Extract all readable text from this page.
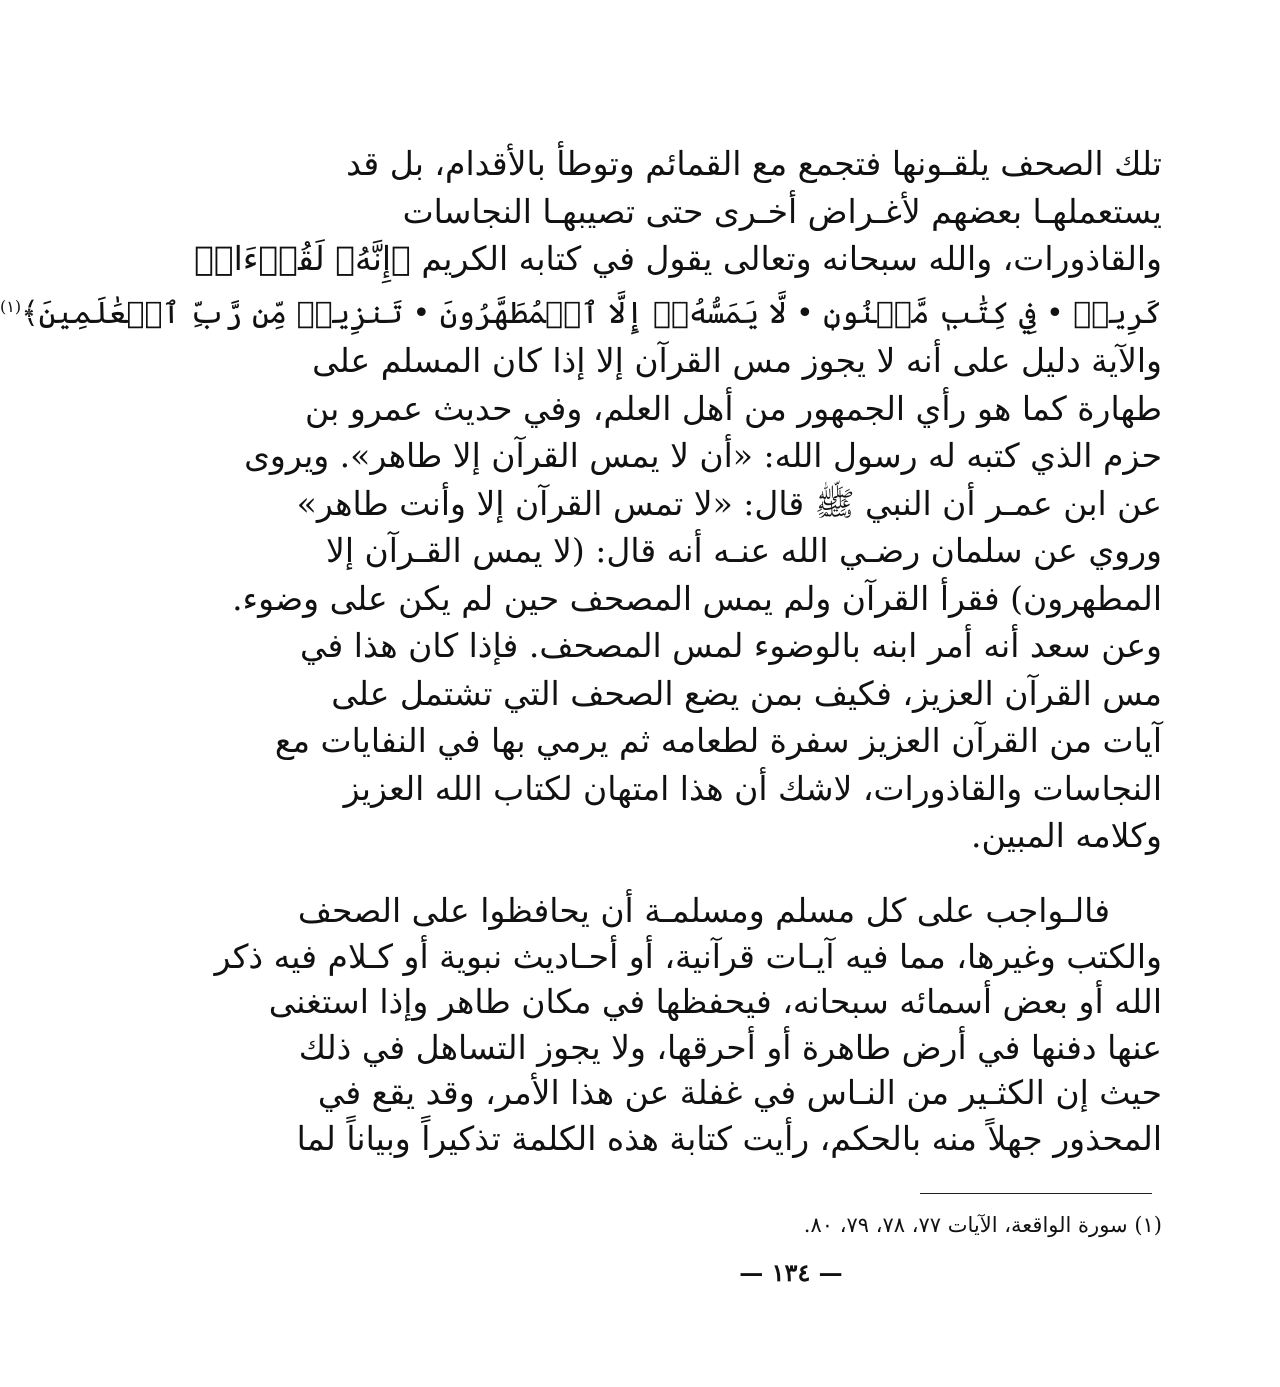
تلك الصحف يلقـونها فتجمع مع القمائم وتوطأ بالأقدام، بل قد
يستعملهـا بعضهم لأغـراض أخـرى حتى تصيبهـا النجاسات
والقاذورات، والله سبحانه وتعالى يقول في كتابه الكريم ﴿إِنَّهُۥ لَقُرۡءَانٞ
كَرِيمٞ • فِي كِتَٰبٖ مَّكۡنُونٖ • لَّا يَمَسُّهُۥٓ إِلَّا ٱلۡمُطَهَّرُونَ • تَنزِيلٞ مِّن رَّبِّ ٱلۡعَٰلَمِينَ﴾$^{(١)}$
والآية دليل على أنه لا يجوز مس القرآن إلا إذا كان المسلم على
طهارة كما هو رأي الجمهور من أهل العلم، وفي حديث عمرو بن
حزم الذي كتبه له رسول الله: «أن لا يمس القرآن إلا طاهر». ويروى
عن ابن عمـر أن النبي ﷺ قال: «لا تمس القرآن إلا وأنت طاهر»
وروي عن سلمان رضـي الله عنـه أنه قال: (لا يمس القـرآن إلا
المطهرون) فقرأ القرآن ولم يمس المصحف حين لم يكن على وضوء.
وعن سعد أنه أمر ابنه بالوضوء لمس المصحف. فإذا كان هذا في
مس القرآن العزيز، فكيف بمن يضع الصحف التي تشتمل على
آيات من القرآن العزيز سفرة لطعامه ثم يرمي بها في النفايات مع
النجاسات والقاذورات، لاشك أن هذا امتهان لكتاب الله العزيز
وكلامه المبين.
فالـواجب على كل مسلم ومسلمـة أن يحافظوا على الصحف
والكتب وغيرها، مما فيه آيـات قرآنية، أو أحـاديث نبوية أو كـلام فيه ذكر
الله أو بعض أسمائه سبحانه، فيحفظها في مكان طاهر وإذا استغنى
عنها دفنها في أرض طاهرة أو أحرقها، ولا يجوز التساهل في ذلك
حيث إن الكثـير من النـاس في غفلة عن هذا الأمر، وقد يقع في
المحذور جهلاً منه بالحكم، رأيت كتابة هذه الكلمة تذكيراً وبياناً لما
(١) سورة الواقعة، الآيات ٧٧، ٧٨، ٧٩، ٨٠.
— ١٣٤ —
